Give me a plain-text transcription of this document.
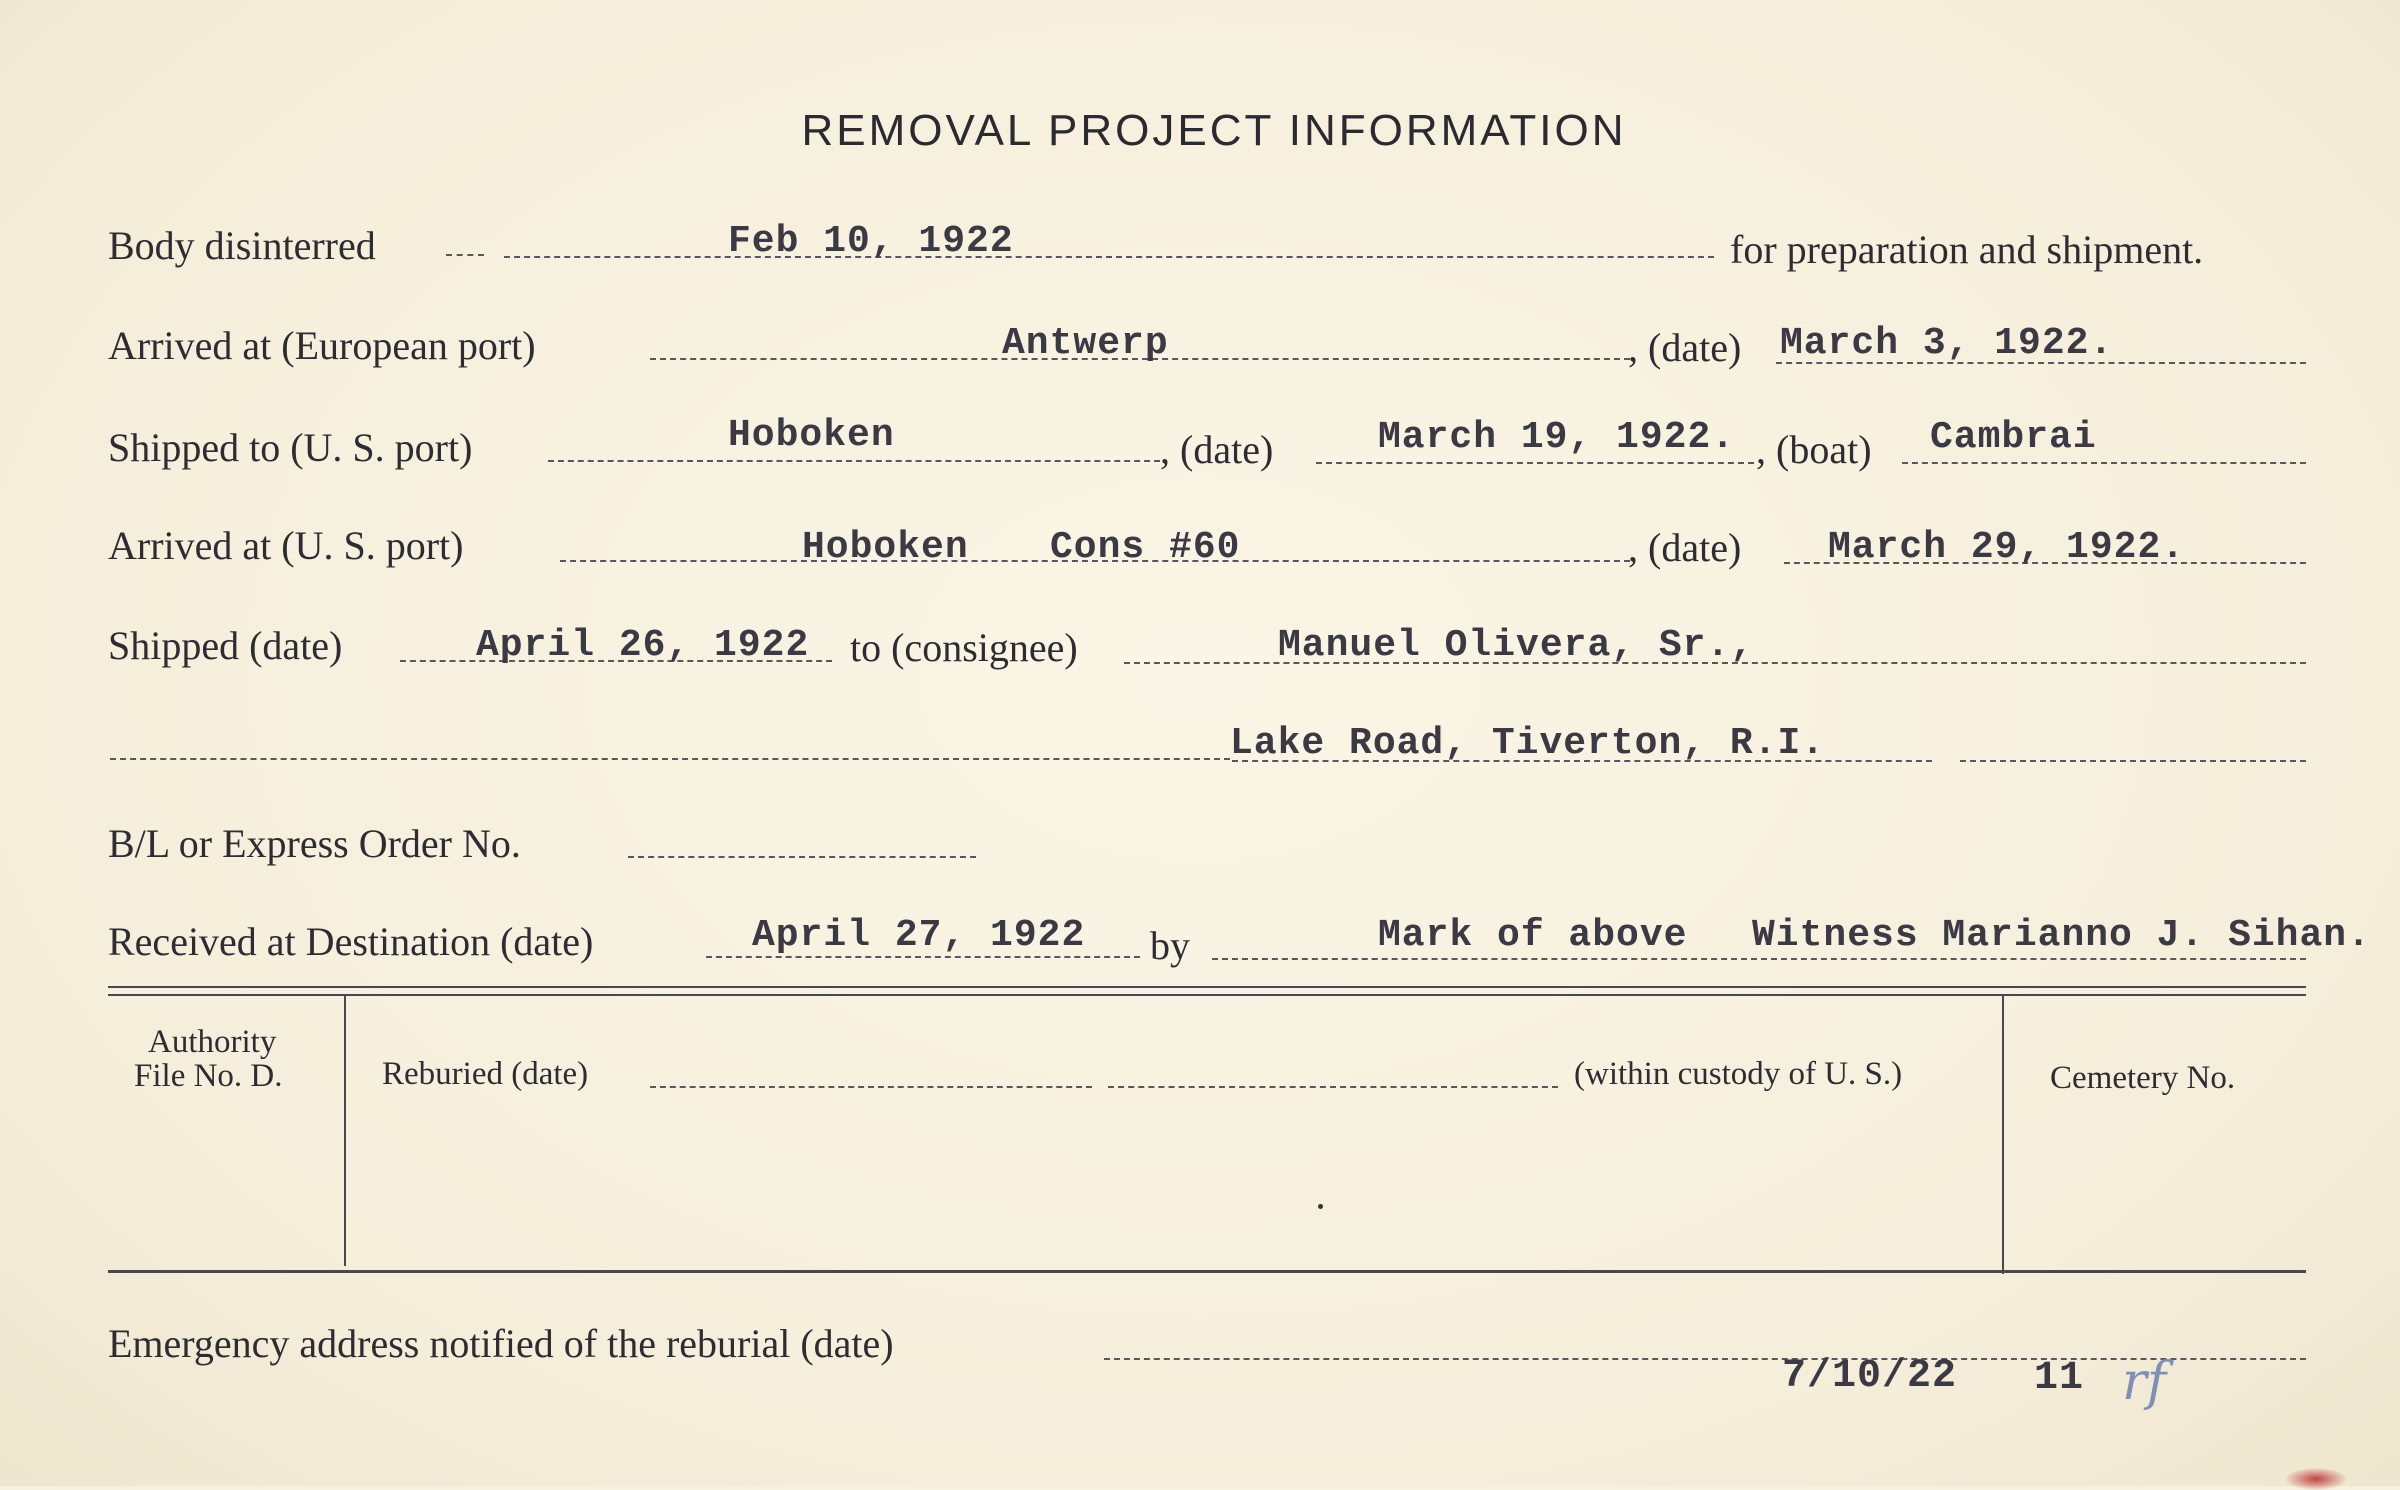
REMOVAL PROJECT INFORMATION
Body disinterred	Feb 10, 1922	for preparation and shipment.
Arrived at (European port)	Antwerp	, (date) March 3, 1922.
Shipped to (U. S. port)	Hoboken	, (date)	March 19, 1922. , (boat) Cambrai
Arrived at (U. S. port)	Hoboken Cons #60	, (date) March 29, 1922.
Shipped (date)	April 26, 1922 to (consignee)	Manuel Olivera, Sr.,
Lake Road, Tiverton, R.I.
B/L or Express Order No.
Received at Destination (date)	April 27, 1922 by	Mark of above Witness Marianno J. Sihan.
Authority
File No. D.	Reburied (date)	(within custody of U. S.)	Cemetery No.
Emergency address notified of the reburial (date)
7/10/22 11 rf
